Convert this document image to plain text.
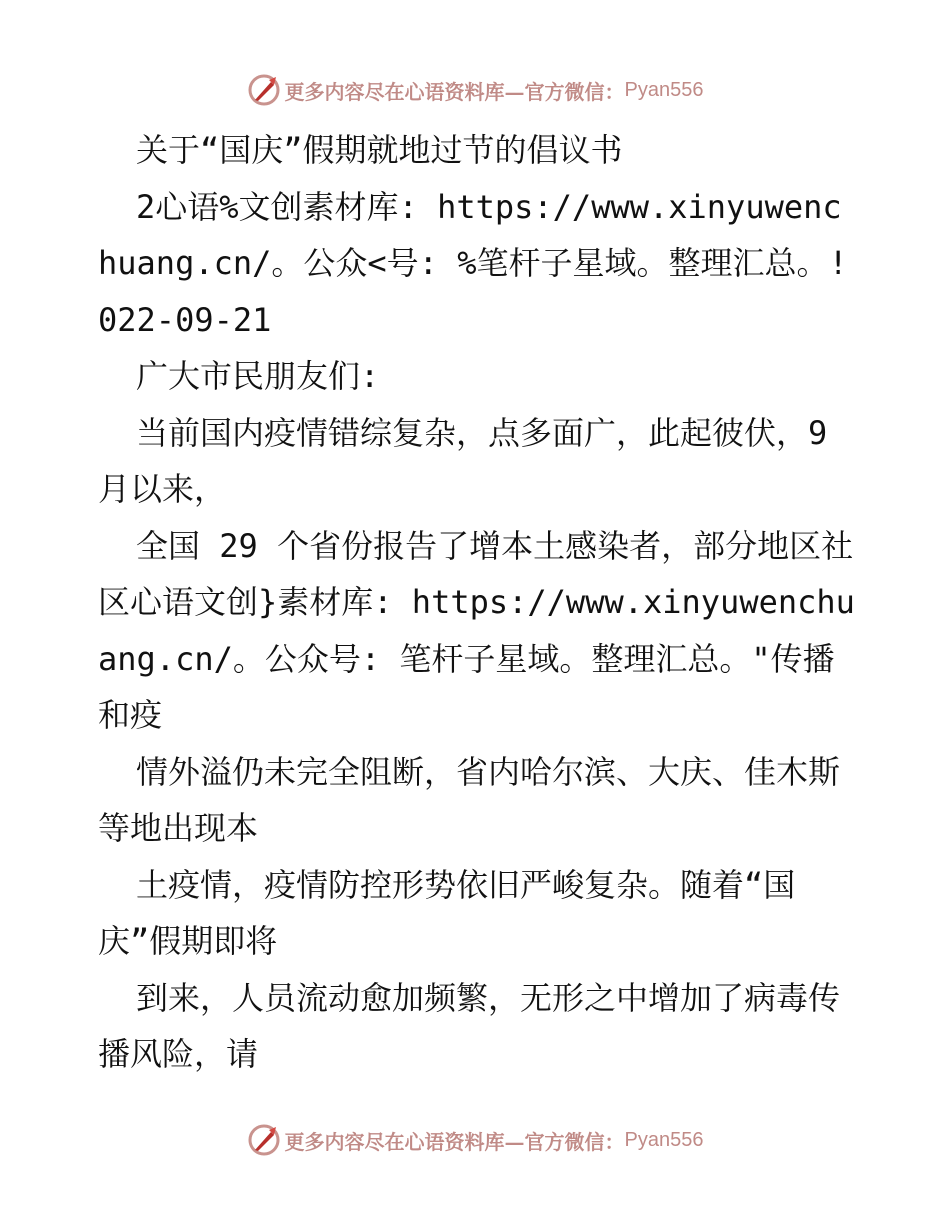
更多内容尽在心语资料库— 官方微信： Pyan556

关于“国庆”假期就地过节的倡议书

2心语%文创素材库: https://www.xinyuwenchuang.cn/。公众<号: %笔杆子星域。整理汇总。! 022-09-21

广大市民朋友们:

当前国内疫情错综复杂，点多面广，此起彼伏，9月以来，

全国 29 个省份报告了增本土感染者，部分地区社区心语文创}素材库: https://www.xinyuwenchuang.cn/。公众号: 笔杆子星域。整理汇总。"传播和疫

情外溢仍未完全阻断，省内哈尔滨、大庆、佳木斯等地出现本

土疫情，疫情防控形势依旧严峻复杂。随着“国庆”假期即将

到来，人员流动愈加频繁，无形之中增加了病毒传播风险，请

更多内容尽在心语资料库— 官方微信： Pyan556
